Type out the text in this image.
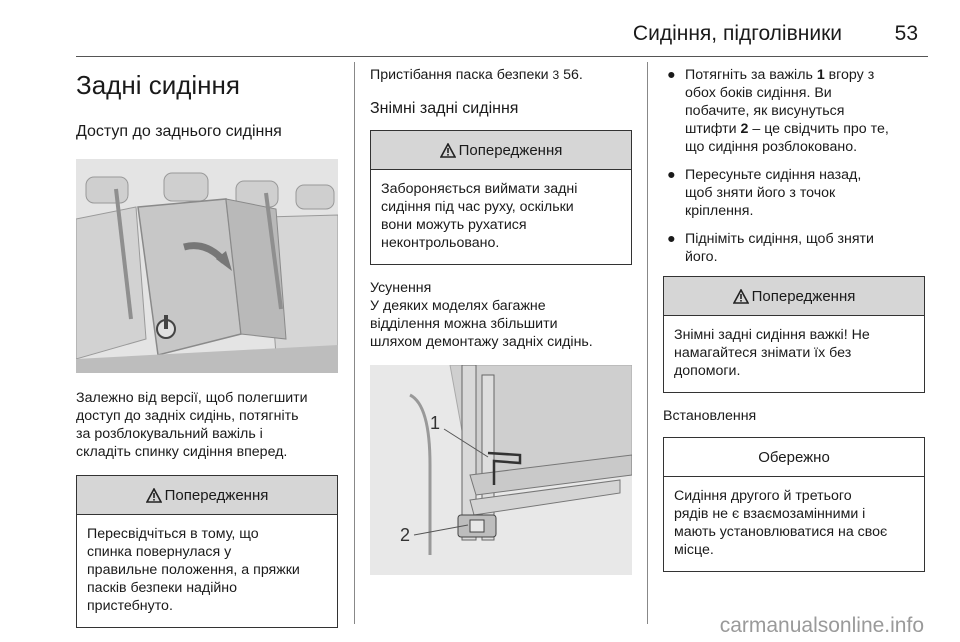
Сидіння, підголівники	53
Задні сидіння
Доступ до заднього сидіння
Залежно від версії, щоб полегшити
доступ до задніх сидінь, потягніть
за розблокувальний важіль і
складіть спинку сидіння вперед.
Попередження
Пересвідчіться в тому, що
спинка повернулася у
правильне положення, а пряжки
пасків безпеки надійно
пристебнуто.
Пристібання паска безпеки 3 56.
Знімні задні сидіння
Попередження
Забороняється виймати задні
сидіння під час руху, оскільки
вони можуть рухатися
неконтрольовано.
Усунення
У деяких моделях багажне
відділення можна збільшити
шляхом демонтажу задніх сидінь.
1
2
● Потягніть за важіль 1 вгору з
обох боків сидіння. Ви
побачите, як висунуться
штифти 2 – це свідчить про те,
що сидіння розблоковано.
● Пересуньте сидіння назад,
щоб зняти його з точок
кріплення.
● Підніміть сидіння, щоб зняти
його.
Попередження
Знімні задні сидіння важкі! Не
намагайтеся знімати їх без
допомоги.
Встановлення
Обережно
Сидіння другого й третього
рядів не є взаємозамінними і
мають установлюватися на своє
місце.
carmanualsonline.info
